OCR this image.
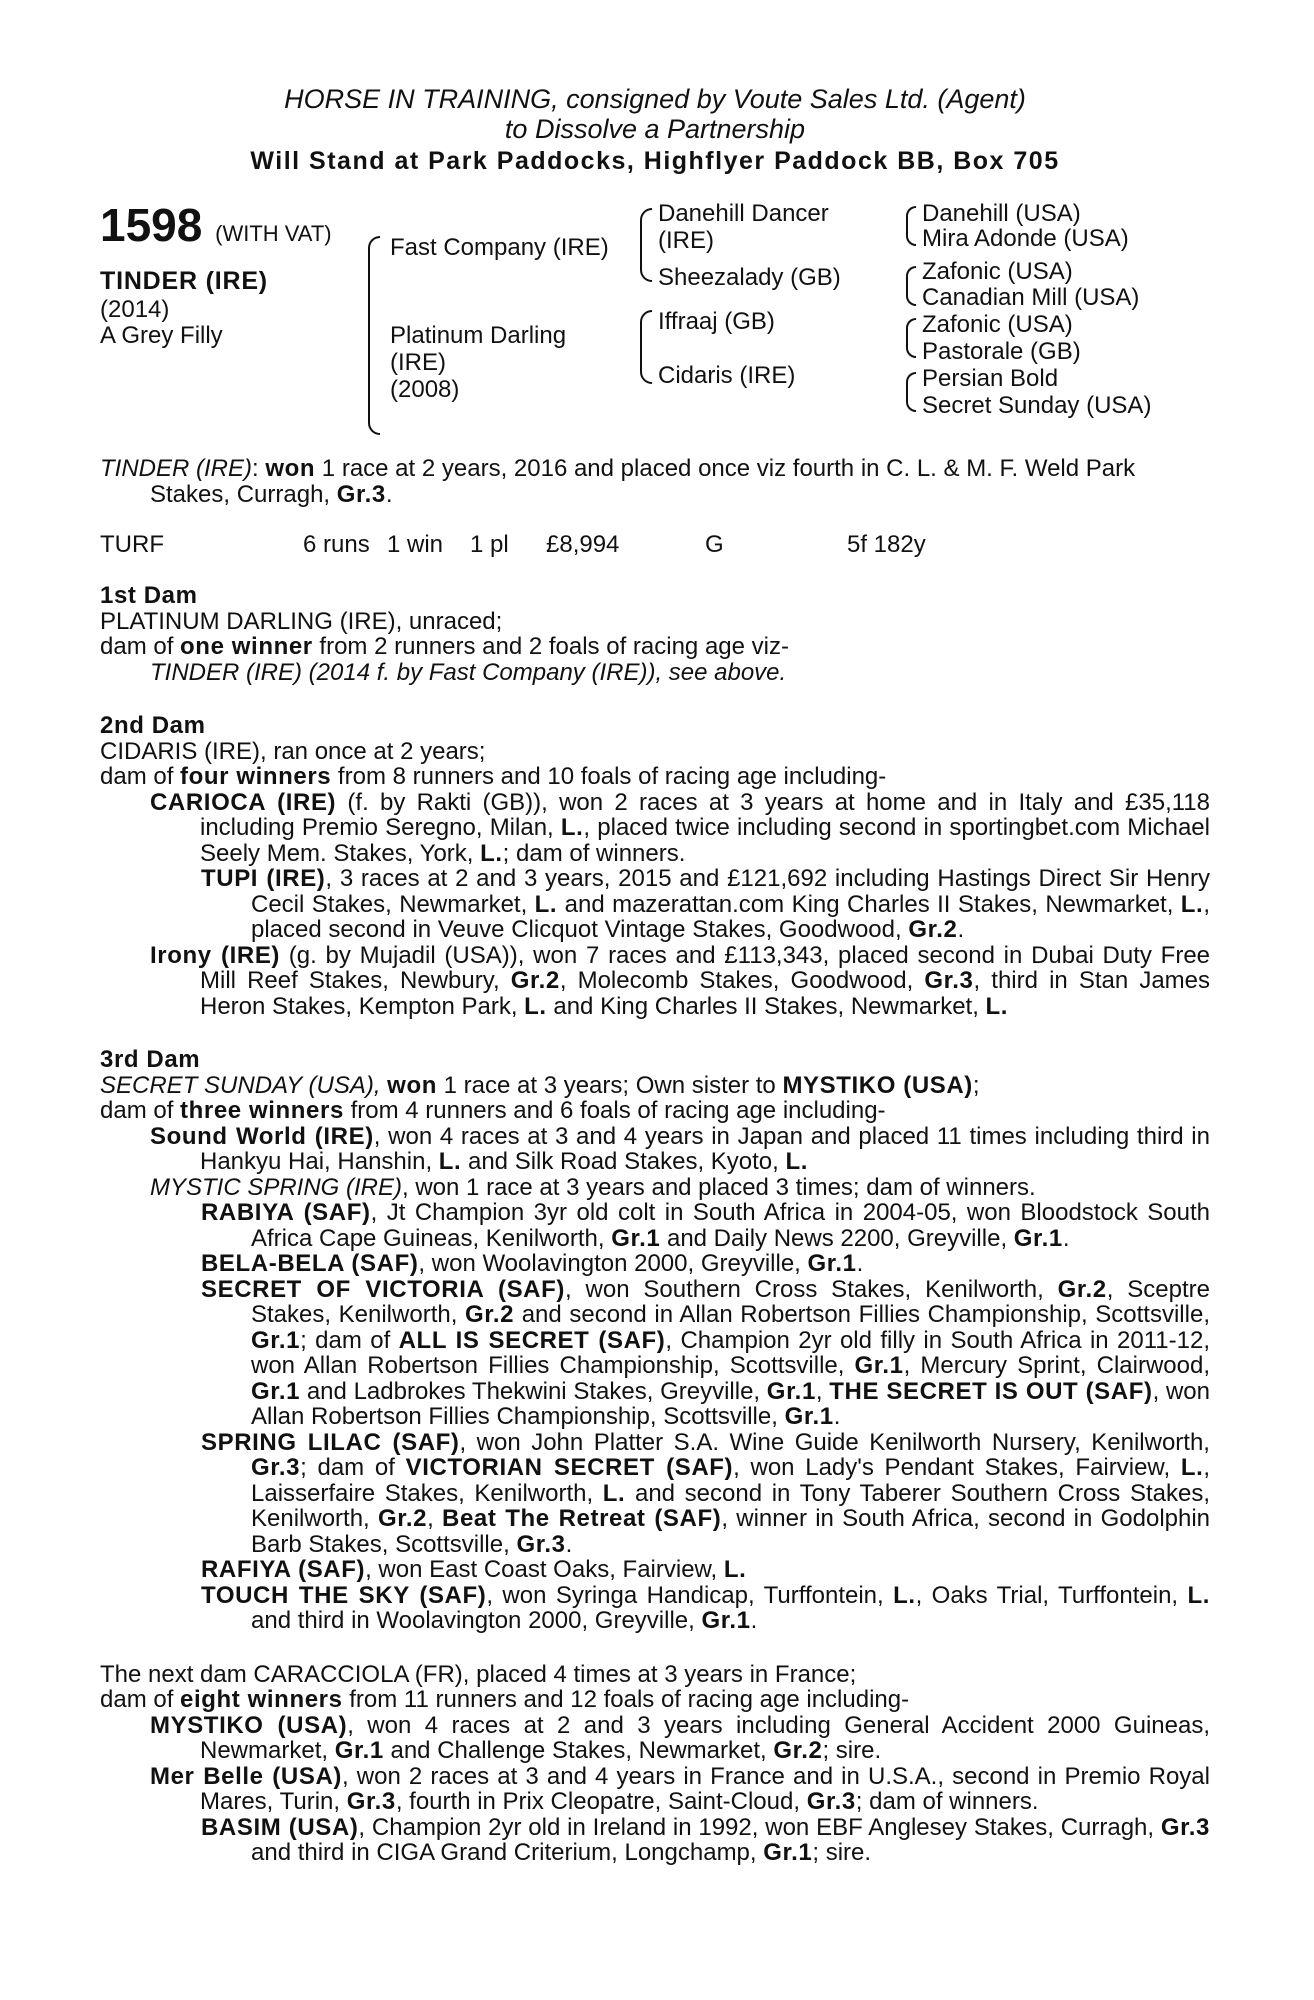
HORSE IN TRAINING, consigned by Voute Sales Ltd. (Agent)
to Dissolve a Partnership
Will Stand at Park Paddocks, Highflyer Paddock BB, Box 705
1598 (WITH VAT)
TINDER (IRE)
(2014)
A Grey Filly
Fast Company (IRE)
Platinum Darling
(IRE)
(2008)
Danehill Dancer
(IRE)
Sheezalady (GB)
Iffraaj (GB)
Cidaris (IRE)
Danehill (USA)
Mira Adonde (USA)
Zafonic (USA)
Canadian Mill (USA)
Zafonic (USA)
Pastorale (GB)
Persian Bold
Secret Sunday (USA)

TINDER (IRE): won 1 race at 2 years, 2016 and placed once viz fourth in C. L. & M. F. Weld Park Stakes, Curragh, Gr.3.

TURF	6 runs 1 win 1 pl £8,994	G	5f 182y
1st Dam

PLATINUM DARLING (IRE), unraced;

dam of one winner from 2 runners and 2 foals of racing age viz-

TINDER (IRE) (2014 f. by Fast Company (IRE)), see above.

2nd Dam

CIDARIS (IRE), ran once at 2 years;

dam of four winners from 8 runners and 10 foals of racing age including-

CARIOCA (IRE) (f. by Rakti (GB)), won 2 races at 3 years at home and in Italy and £35,118 including Premio Seregno, Milan, L., placed twice including second in sportingbet.com Michael Seely Mem. Stakes, York, L.; dam of winners.

TUPI (IRE), 3 races at 2 and 3 years, 2015 and £121,692 including Hastings Direct Sir Henry Cecil Stakes, Newmarket, L. and mazerattan.com King Charles II Stakes, Newmarket, L., placed second in Veuve Clicquot Vintage Stakes, Goodwood, Gr.2.

Irony (IRE) (g. by Mujadil (USA)), won 7 races and £113,343, placed second in Dubai Duty Free Mill Reef Stakes, Newbury, Gr.2, Molecomb Stakes, Goodwood, Gr.3, third in Stan James Heron Stakes, Kempton Park, L. and King Charles II Stakes, Newmarket, L.

3rd Dam

SECRET SUNDAY (USA), won 1 race at 3 years; Own sister to MYSTIKO (USA);

dam of three winners from 4 runners and 6 foals of racing age including-

Sound World (IRE), won 4 races at 3 and 4 years in Japan and placed 11 times including third in Hankyu Hai, Hanshin, L. and Silk Road Stakes, Kyoto, L.

MYSTIC SPRING (IRE), won 1 race at 3 years and placed 3 times; dam of winners.

RABIYA (SAF), Jt Champion 3yr old colt in South Africa in 2004-05, won Bloodstock South Africa Cape Guineas, Kenilworth, Gr.1 and Daily News 2200, Greyville, Gr.1.

BELA-BELA (SAF), won Woolavington 2000, Greyville, Gr.1.

SECRET OF VICTORIA (SAF), won Southern Cross Stakes, Kenilworth, Gr.2, Sceptre Stakes, Kenilworth, Gr.2 and second in Allan Robertson Fillies Championship, Scottsville, Gr.1; dam of ALL IS SECRET (SAF), Champion 2yr old filly in South Africa in 2011-12, won Allan Robertson Fillies Championship, Scottsville, Gr.1, Mercury Sprint, Clairwood, Gr.1 and Ladbrokes Thekwini Stakes, Greyville, Gr.1, THE SECRET IS OUT (SAF), won Allan Robertson Fillies Championship, Scottsville, Gr.1.

SPRING LILAC (SAF), won John Platter S.A. Wine Guide Kenilworth Nursery, Kenilworth, Gr.3; dam of VICTORIAN SECRET (SAF), won Lady's Pendant Stakes, Fairview, L., Laisserfaire Stakes, Kenilworth, L. and second in Tony Taberer Southern Cross Stakes, Kenilworth, Gr.2, Beat The Retreat (SAF), winner in South Africa, second in Godolphin Barb Stakes, Scottsville, Gr.3.

RAFIYA (SAF), won East Coast Oaks, Fairview, L.

TOUCH THE SKY (SAF), won Syringa Handicap, Turffontein, L., Oaks Trial, Turffontein, L. and third in Woolavington 2000, Greyville, Gr.1.

The next dam CARACCIOLA (FR), placed 4 times at 3 years in France;

dam of eight winners from 11 runners and 12 foals of racing age including-

MYSTIKO (USA), won 4 races at 2 and 3 years including General Accident 2000 Guineas, Newmarket, Gr.1 and Challenge Stakes, Newmarket, Gr.2; sire.

Mer Belle (USA), won 2 races at 3 and 4 years in France and in U.S.A., second in Premio Royal Mares, Turin, Gr.3, fourth in Prix Cleopatre, Saint-Cloud, Gr.3; dam of winners.

BASIM (USA), Champion 2yr old in Ireland in 1992, won EBF Anglesey Stakes, Curragh, Gr.3 and third in CIGA Grand Criterium, Longchamp, Gr.1; sire.
